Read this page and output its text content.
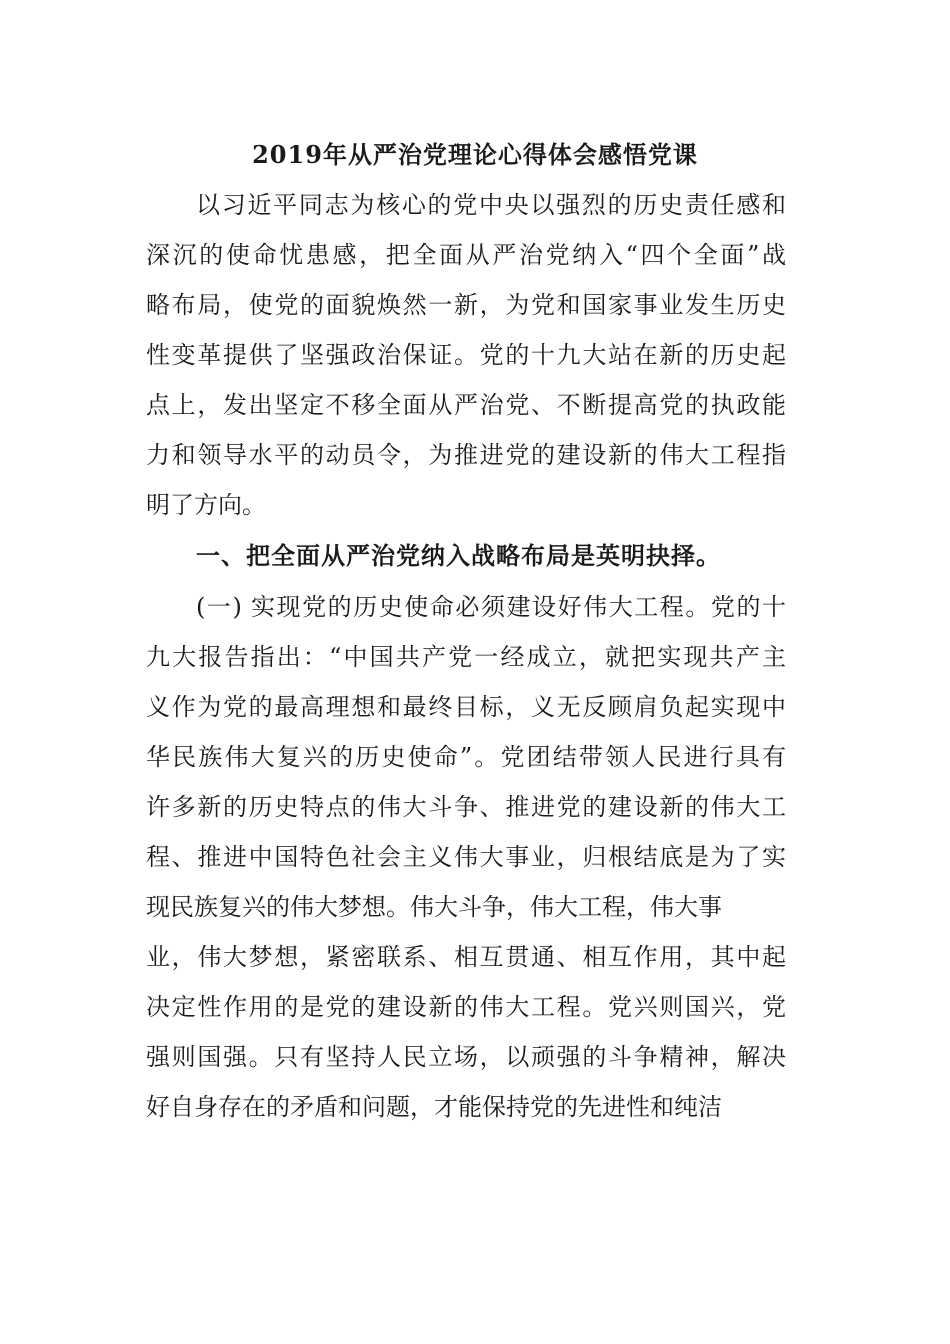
2019年从严治党理论心得体会感悟党课
以习近平同志为核心的党中央以强烈的历史责任感和
深沉的使命忧患感，把全面从严治党纳入“四个全面”战
略布局，使党的面貌焕然一新，为党和国家事业发生历史
性变革提供了坚强政治保证。党的十九大站在新的历史起
点上，发出坚定不移全面从严治党、不断提高党的执政能
力和领导水平的动员令，为推进党的建设新的伟大工程指
明了方向。
一、把全面从严治党纳入战略布局是英明抉择。
(一) 实现党的历史使命必须建设好伟大工程。党的十
九大报告指出：“中国共产党一经成立，就把实现共产主
义作为党的最高理想和最终目标，义无反顾肩负起实现中
华民族伟大复兴的历史使命”。党团结带领人民进行具有
许多新的历史特点的伟大斗争、推进党的建设新的伟大工
程、推进中国特色社会主义伟大事业，归根结底是为了实
现民族复兴的伟大梦想。伟大斗争，伟大工程，伟大事
业，伟大梦想，紧密联系、相互贯通、相互作用，其中起
决定性作用的是党的建设新的伟大工程。党兴则国兴，党
强则国强。只有坚持人民立场，以顽强的斗争精神，解决
好自身存在的矛盾和问题，才能保持党的先进性和纯洁
